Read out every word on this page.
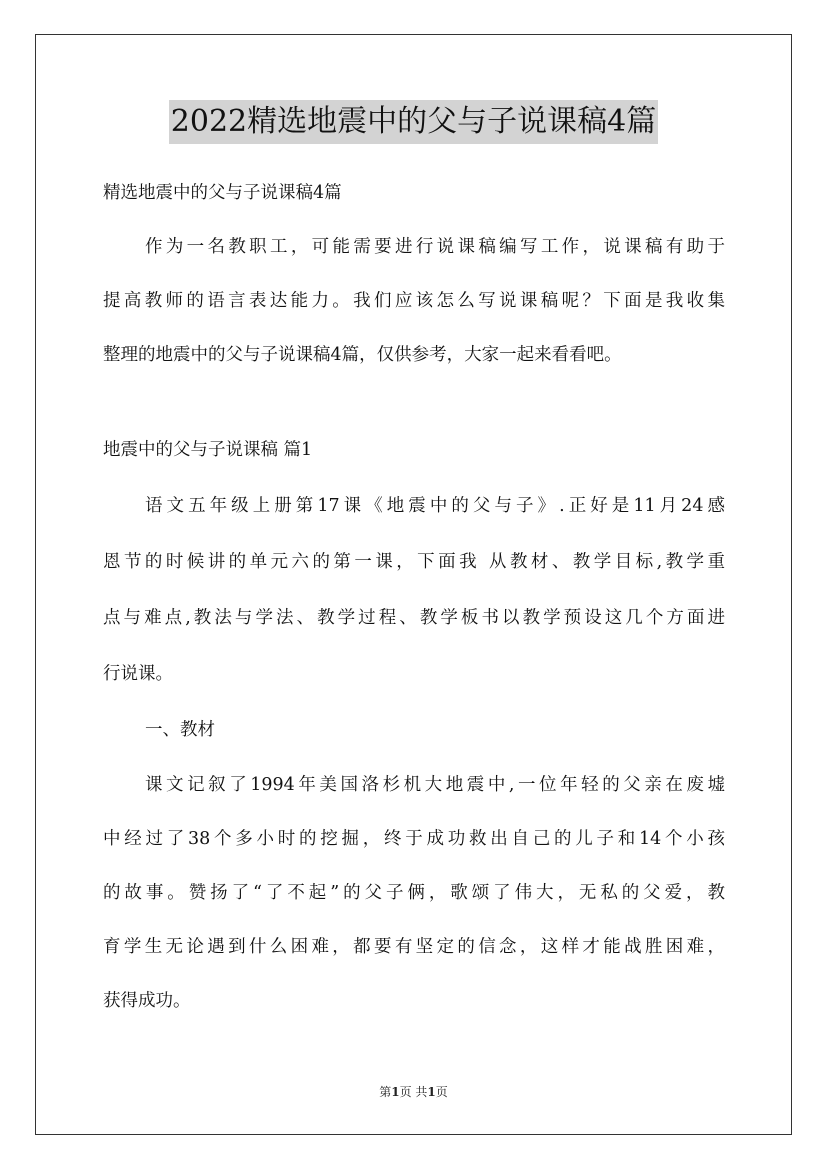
2022精选地震中的父与子说课稿4篇
精选地震中的父与子说课稿4篇
作为一名教职工，可能需要进行说课稿编写工作，说课稿有助于
提高教师的语言表达能力。我们应该怎么写说课稿呢？下面是我收集
整理的地震中的父与子说课稿4篇，仅供参考，大家一起来看看吧。
地震中的父与子说课稿 篇1
语文五年级上册第17课《地震中的父与子》.正好是11月24感
恩节的时候讲的单元六的第一课，下面我 从教材、教学目标,教学重
点与难点,教法与学法、教学过程、教学板书以教学预设这几个方面进
行说课。
一、教材
课文记叙了1994年美国洛杉机大地震中,一位年轻的父亲在废墟
中经过了38个多小时的挖掘，终于成功救出自己的儿子和14个小孩
的故事。赞扬了“了不起”的父子俩，歌颂了伟大，无私的父爱，教
育学生无论遇到什么困难，都要有坚定的信念，这样才能战胜困难，
获得成功。
第1页 共1页
